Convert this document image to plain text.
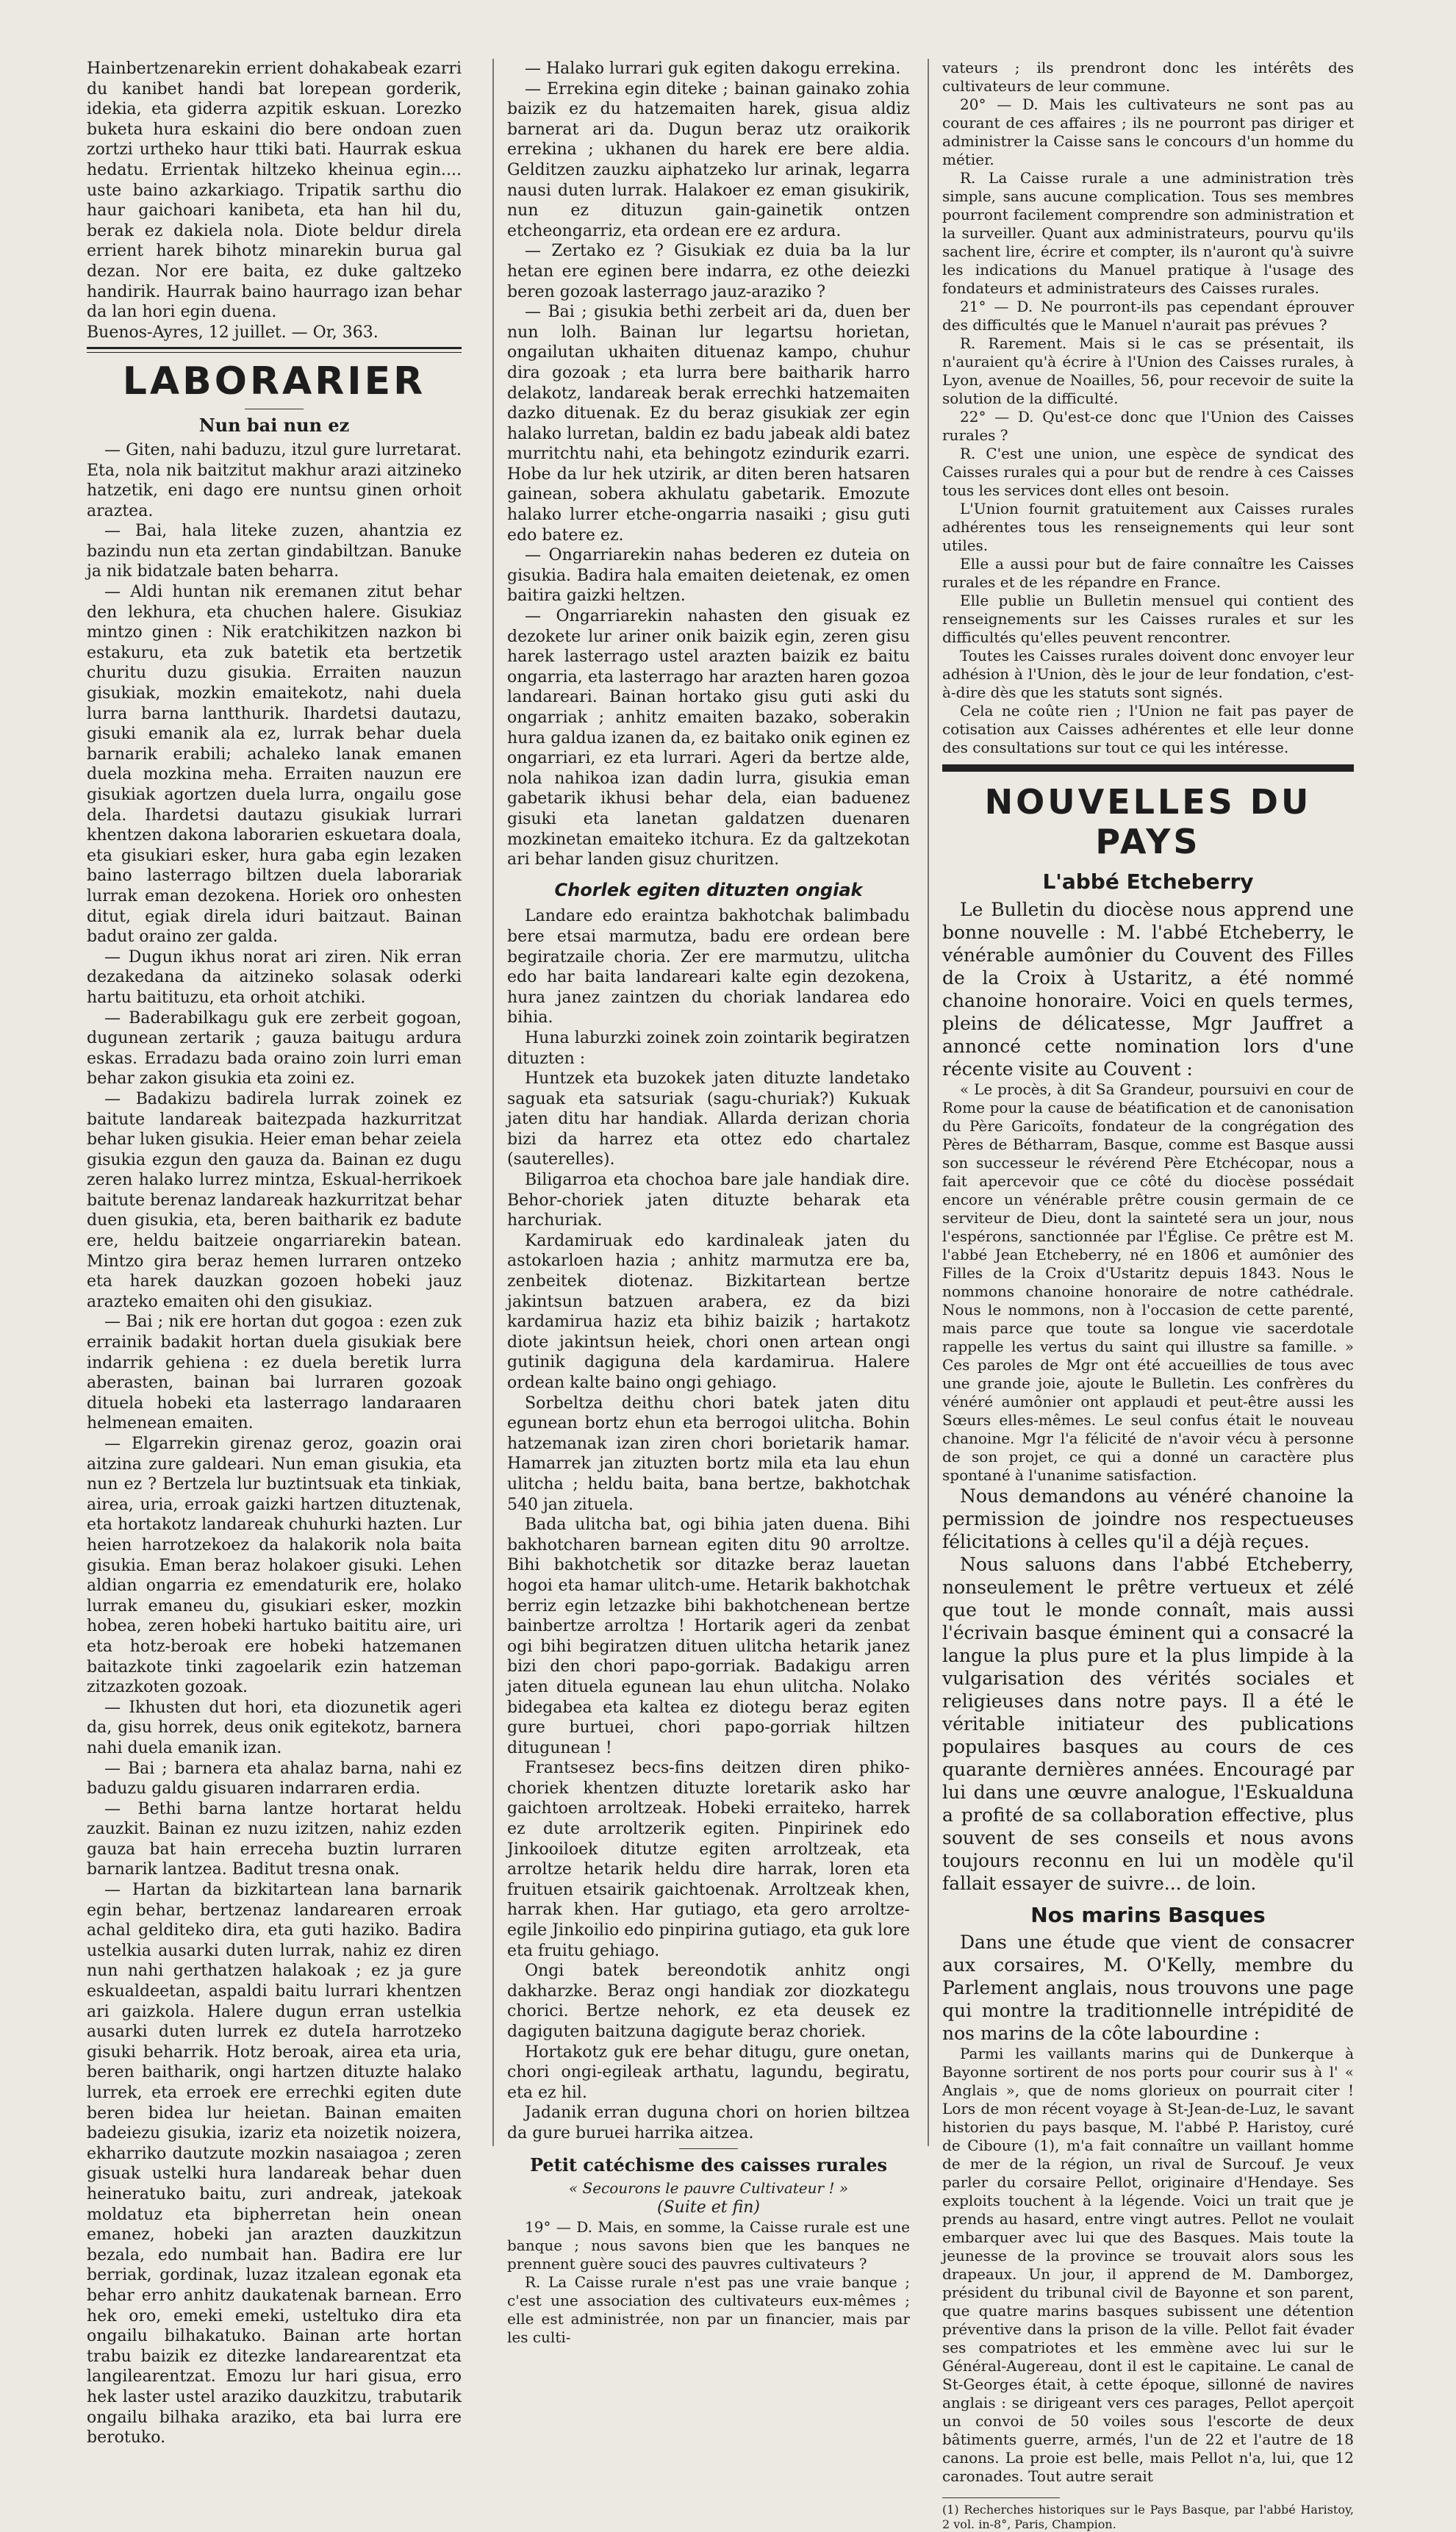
Hainbertzenarekin errient dohakabeak ezarri du kanibet handi bat lorepean gorderik, idekia, eta giderra azpitik eskuan. Lorezko buketa hura eskaini dio bere ondoan zuen zortzi urtheko haur ttiki bati. Haurrak eskua hedatu. Errientak hiltzeko kheinua egin.... uste baino azkarkiago. Tripatik sarthu dio haur gaichoari kanibeta, eta han hil du, berak ez dakiela nola. Diote beldur direla errient harek bihotz minarekin burua gal dezan. Nor ere baita, ez duke galtzeko handirik. Haurrak baino haurrago izan behar da lan hori egin duena.

Buenos-Ayres, 12 juillet. — Or, 363.

LABORARIER
Nun bai nun ez

— Giten, nahi baduzu, itzul gure lurretarat. Eta, nola nik baitzitut makhur arazi aitzineko hatzetik, eni dago ere nuntsu ginen orhoit araztea.

— Bai, hala liteke zuzen, ahantzia ez bazindu nun eta zertan gindabiltzan. Banuke ja nik bidatzale baten beharra.

— Aldi huntan nik eremanen zitut behar den lekhura, eta chuchen halere. Gisukiaz mintzo ginen : Nik eratchikitzen nazkon bi estakuru, eta zuk batetik eta bertzetik churitu duzu gisukia. Erraiten nauzun gisukiak, mozkin emaitekotz, nahi duela lurra barna lantthurik. Ihardetsi dautazu, gisuki emanik ala ez, lurrak behar duela barnarik erabili; achaleko lanak emanen duela mozkina meha. Erraiten nauzun ere gisukiak agortzen duela lurra, ongailu gose dela. Ihardetsi dautazu gisukiak lurrari khentzen dakona laborarien eskuetara doala, eta gisukiari esker, hura gaba egin lezaken baino lasterrago biltzen duela laborariak lurrak eman dezokena. Horiek oro onhesten ditut, egiak direla iduri baitzaut. Bainan badut oraino zer galda.

— Dugun ikhus norat ari ziren. Nik erran dezakedana da aitzineko solasak oderki hartu baitituzu, eta orhoit atchiki.

— Baderabilkagu guk ere zerbeit gogoan, dugunean zertarik ; gauza baitugu ardura eskas. Erradazu bada oraino zoin lurri eman behar zakon gisukia eta zoini ez.

— Badakizu badirela lurrak zoinek ez baitute landareak baitezpada hazkurritzat behar luken gisukia. Heier eman behar zeiela gisukia ezgun den gauza da. Bainan ez dugu zeren halako lurrez mintza, Eskual-herrikoek baitute berenaz landareak hazkurritzat behar duen gisukia, eta, beren baitharik ez badute ere, heldu baitzeie ongarriarekin batean. Mintzo gira beraz hemen lurraren ontzeko eta harek dauzkan gozoen hobeki jauz arazteko emaiten ohi den gisukiaz.

— Bai ; nik ere hortan dut gogoa : ezen zuk errainik badakit hortan duela gisukiak bere indarrik gehiena : ez duela beretik lurra aberasten, bainan bai lurraren gozoak dituela hobeki eta lasterrago landaraaren helmenean emaiten.

— Elgarrekin girenaz geroz, goazin orai aitzina zure galdeari. Nun eman gisukia, eta nun ez ? Bertzela lur buztintsuak eta tinkiak, airea, uria, erroak gaizki hartzen dituztenak, eta hortakotz landareak chuhurki hazten. Lur heien harrotzekoez da halakorik nola baita gisukia. Eman beraz holakoer gisuki. Lehen aldian ongarria ez emendaturik ere, holako lurrak emaneu du, gisukiari esker, mozkin hobea, zeren hobeki hartuko baititu aire, uri eta hotz-beroak ere hobeki hatzemanen baitazkote tinki zagoelarik ezin hatzeman zitzazkoten gozoak.

— Ikhusten dut hori, eta diozunetik ageri da, gisu horrek, deus onik egitekotz, barnera nahi duela emanik izan.

— Bai ; barnera eta ahalaz barna, nahi ez baduzu galdu gisuaren indarraren erdia.

— Bethi barna lantze hortarat heldu zauzkit. Bainan ez nuzu izitzen, nahiz ezden gauza bat hain erreceha buztin lurraren barnarik lantzea. Baditut tresna onak.

— Hartan da bizkitartean lana barnarik egin behar, bertzenaz landarearen erroak achal gelditeko dira, eta guti haziko. Badira ustelkia ausarki duten lurrak, nahiz ez diren nun nahi gerthatzen halakoak ; ez ja gure eskualdeetan, aspaldi baitu lurrari khentzen ari gaizkola. Halere dugun erran ustelkia ausarki duten lurrek ez duteIa harrotzeko gisuki beharrik. Hotz beroak, airea eta uria, beren baitharik, ongi hartzen dituzte halako lurrek, eta erroek ere errechki egiten dute beren bidea lur heietan. Bainan emaiten badeiezu gisukia, izariz eta noizetik noizera, ekharriko dautzute mozkin nasaiagoa ; zeren gisuak ustelki hura landareak behar duen heineratuko baitu, zuri andreak, jatekoak moldatuz eta bipherretan hein onean emanez, hobeki jan arazten dauzkitzun bezala, edo numbait han. Badira ere lur berriak, gordinak, luzaz itzalean egonak eta behar erro anhitz daukatenak barnean. Erro hek oro, emeki emeki, usteltuko dira eta ongailu bilhakatuko. Bainan arte hortan trabu baizik ez ditezke landarearentzat eta langilearentzat. Emozu lur hari gisua, erro hek laster ustel araziko dauzkitzu, trabutarik ongailu bilhaka araziko, eta bai lurra ere berotuko.

— Halako lurrari guk egiten dakogu errekina.

— Errekina egin diteke ; bainan gainako zohia baizik ez du hatzemaiten harek, gisua aldiz barnerat ari da. Dugun beraz utz oraikorik errekina ; ukhanen du harek ere bere aldia. Gelditzen zauzku aiphatzeko lur arinak, legarra nausi duten lurrak. Halakoer ez eman gisukirik, nun ez dituzun gain-gainetik ontzen etcheongarriz, eta ordean ere ez ardura.

— Zertako ez ? Gisukiak ez duia ba la lur hetan ere eginen bere indarra, ez othe deiezki beren gozoak lasterrago jauz-araziko ?

— Bai ; gisukia bethi zerbeit ari da, duen ber nun lolh. Bainan lur legartsu horietan, ongailutan ukhaiten dituenaz kampo, chuhur dira gozoak ; eta lurra bere baitharik harro delakotz, landareak berak errechki hatzemaiten dazko dituenak. Ez du beraz gisukiak zer egin halako lurretan, baldin ez badu jabeak aldi batez murritchtu nahi, eta behingotz ezindurik ezarri. Hobe da lur hek utzirik, ar diten beren hatsaren gainean, sobera akhulatu gabetarik. Emozute halako lurrer etche-ongarria nasaiki ; gisu guti edo batere ez.

— Ongarriarekin nahas bederen ez duteia on gisukia. Badira hala emaiten deietenak, ez omen baitira gaizki heltzen.

— Ongarriarekin nahasten den gisuak ez dezokete lur ariner onik baizik egin, zeren gisu harek lasterrago ustel arazten baizik ez baitu ongarria, eta lasterrago har arazten haren gozoa landareari. Bainan hortako gisu guti aski du ongarriak ; anhitz emaiten bazako, soberakin hura galdua izanen da, ez baitako onik eginen ez ongarriari, ez eta lurrari. Ageri da bertze alde, nola nahikoa izan dadin lurra, gisukia eman gabetarik ikhusi behar dela, eian baduenez gisuki eta lanetan galdatzen duenaren mozkinetan emaiteko itchura. Ez da galtzekotan ari behar landen gisuz churitzen.

Chorlek egiten dituzten ongiak

Landare edo eraintza bakhotchak balimbadu bere etsai marmutza, badu ere ordean bere begiratzaile choria. Zer ere marmutzu, ulitcha edo har baita landareari kalte egin dezokena, hura janez zaintzen du choriak landarea edo bihia.

Huna laburzki zoinek zoin zointarik begiratzen dituzten :

Huntzek eta buzokek jaten dituzte landetako saguak eta satsuriak (sagu-churiak?) Kukuak jaten ditu har handiak. Allarda derizan choria bizi da harrez eta ottez edo chartalez (sauterelles).

Biligarroa eta chochoa bare jale handiak dire. Behor-choriek jaten dituzte beharak eta harchuriak.

Kardamiruak edo kardinaleak jaten du astokarloen hazia ; anhitz marmutza ere ba, zenbeitek diotenaz. Bizkitartean bertze jakintsun batzuen arabera, ez da bizi kardamirua haziz eta bihiz baizik ; hartakotz diote jakintsun heiek, chori onen artean ongi gutinik dagiguna dela kardamirua. Halere ordean kalte baino ongi gehiago.

Sorbeltza deithu chori batek jaten ditu egunean bortz ehun eta berrogoi ulitcha. Bohin hatzemanak izan ziren chori borietarik hamar. Hamarrek jan zituzten bortz mila eta lau ehun ulitcha ; heldu baita, bana bertze, bakhotchak 540 jan zituela.

Bada ulitcha bat, ogi bihia jaten duena. Bihi bakhotcharen barnean egiten ditu 90 arroltze. Bihi bakhotchetik sor ditazke beraz lauetan hogoi eta hamar ulitch-ume. Hetarik bakhotchak berriz egin letzazke bihi bakhotchenean bertze bainbertze arroltza ! Hortarik ageri da zenbat ogi bihi begiratzen dituen ulitcha hetarik janez bizi den chori papo-gorriak. Badakigu arren jaten dituela egunean lau ehun ulitcha. Nolako bidegabea eta kaltea ez diotegu beraz egiten gure burtuei, chori papo-gorriak hiltzen ditugunean !

Frantsesez becs-fins deitzen diren phiko-choriek khentzen dituzte loretarik asko har gaichtoen arroltzeak. Hobeki erraiteko, harrek ez dute arroltzerik egiten. Pinpirinek edo Jinkooiloek ditutze egiten arroltzeak, eta arroltze hetarik heldu dire harrak, loren eta fruituen etsairik gaichtoenak. Arroltzeak khen, harrak khen. Har gutiago, eta gero arroltze-egile Jinkoilio edo pinpirina gutiago, eta guk lore eta fruitu gehiago.

Ongi batek bereondotik anhitz ongi dakharzke. Beraz ongi handiak zor diozkategu chorici. Bertze nehork, ez eta deusek ez dagiguten baitzuna dagigute beraz choriek.

Hortakotz guk ere behar ditugu, gure onetan, chori ongi-egileak arthatu, lagundu, begiratu, eta ez hil.

Jadanik erran duguna chori on horien biltzea da gure buruei harrika aitzea.

Petit catéchisme des caisses rurales

« Secourons le pauvre Cultivateur ! »

(Suite et fin)

19° — D. Mais, en somme, la Caisse rurale est une banque ; nous savons bien que les banques ne prennent guère souci des pauvres cultivateurs ?

R. La Caisse rurale n'est pas une vraie banque ; c'est une association des cultivateurs eux-mêmes ; elle est administrée, non par un financier, mais par les culti-

vateurs ; ils prendront donc les intérêts des cultivateurs de leur commune.

20° — D. Mais les cultivateurs ne sont pas au courant de ces affaires ; ils ne pourront pas diriger et administrer la Caisse sans le concours d'un homme du métier.

R. La Caisse rurale a une administration très simple, sans aucune complication. Tous ses membres pourront facilement comprendre son administration et la surveiller. Quant aux administrateurs, pourvu qu'ils sachent lire, écrire et compter, ils n'auront qu'à suivre les indications du Manuel pratique à l'usage des fondateurs et administrateurs des Caisses rurales.

21° — D. Ne pourront-ils pas cependant éprouver des difficultés que le Manuel n'aurait pas prévues ?

R. Rarement. Mais si le cas se présentait, ils n'auraient qu'à écrire à l'Union des Caisses rurales, à Lyon, avenue de Noailles, 56, pour recevoir de suite la solution de la difficulté.

22° — D. Qu'est-ce donc que l'Union des Caisses rurales ?

R. C'est une union, une espèce de syndicat des Caisses rurales qui a pour but de rendre à ces Caisses tous les services dont elles ont besoin.

L'Union fournit gratuitement aux Caisses rurales adhérentes tous les renseignements qui leur sont utiles.

Elle a aussi pour but de faire connaître les Caisses rurales et de les répandre en France.

Elle publie un Bulletin mensuel qui contient des renseignements sur les Caisses rurales et sur les difficultés qu'elles peuvent rencontrer.

Toutes les Caisses rurales doivent donc envoyer leur adhésion à l'Union, dès le jour de leur fondation, c'est-à-dire dès que les statuts sont signés.

Cela ne coûte rien ; l'Union ne fait pas payer de cotisation aux Caisses adhérentes et elle leur donne des consultations sur tout ce qui les intéresse.

NOUVELLES DU PAYS
L'abbé Etcheberry

Le Bulletin du diocèse nous apprend une bonne nouvelle : M. l'abbé Etcheberry, le vénérable aumônier du Couvent des Filles de la Croix à Ustaritz, a été nommé chanoine honoraire. Voici en quels termes, pleins de délicatesse, Mgr Jauffret a annoncé cette nomination lors d'une récente visite au Couvent :

« Le procès, à dit Sa Grandeur, poursuivi en cour de Rome pour la cause de béatification et de canonisation du Père Garicoïts, fondateur de la congrégation des Pères de Bétharram, Basque, comme est Basque aussi son successeur le révérend Père Etchécopar, nous a fait apercevoir que ce côté du diocèse possédait encore un vénérable prêtre cousin germain de ce serviteur de Dieu, dont la sainteté sera un jour, nous l'espérons, sanctionnée par l'Église. Ce prêtre est M. l'abbé Jean Etcheberry, né en 1806 et aumônier des Filles de la Croix d'Ustaritz depuis 1843. Nous le nommons chanoine honoraire de notre cathédrale. Nous le nommons, non à l'occasion de cette parenté, mais parce que toute sa longue vie sacerdotale rappelle les vertus du saint qui illustre sa famille. » Ces paroles de Mgr ont été accueillies de tous avec une grande joie, ajoute le Bulletin. Les confrères du vénéré aumônier ont applaudi et peut-être aussi les Sœurs elles-mêmes. Le seul confus était le nouveau chanoine. Mgr l'a félicité de n'avoir vécu à personne de son projet, ce qui a donné un caractère plus spontané à l'unanime satisfaction.

Nous demandons au vénéré chanoine la permission de joindre nos respectueuses félicitations à celles qu'il a déjà reçues.

Nous saluons dans l'abbé Etcheberry, nonseulement le prêtre vertueux et zélé que tout le monde connaît, mais aussi l'écrivain basque éminent qui a consacré la langue la plus pure et la plus limpide à la vulgarisation des vérités sociales et religieuses dans notre pays. Il a été le véritable initiateur des publications populaires basques au cours de ces quarante dernières années. Encouragé par lui dans une œuvre analogue, l'Eskualduna a profité de sa collaboration effective, plus souvent de ses conseils et nous avons toujours reconnu en lui un modèle qu'il fallait essayer de suivre... de loin.

Nos marins Basques

Dans une étude que vient de consacrer aux corsaires, M. O'Kelly, membre du Parlement anglais, nous trouvons une page qui montre la traditionnelle intrépidité de nos marins de la côte labourdine :

Parmi les vaillants marins qui de Dunkerque à Bayonne sortirent de nos ports pour courir sus à l' « Anglais », que de noms glorieux on pourrait citer ! Lors de mon récent voyage à St-Jean-de-Luz, le savant historien du pays basque, M. l'abbé P. Haristoy, curé de Ciboure (1), m'a fait connaître un vaillant homme de mer de la région, un rival de Surcouf. Je veux parler du corsaire Pellot, originaire d'Hendaye. Ses exploits touchent à la légende. Voici un trait que je prends au hasard, entre vingt autres. Pellot ne voulait embarquer avec lui que des Basques. Mais toute la jeunesse de la province se trouvait alors sous les drapeaux. Un jour, il apprend de M. Damborgez, président du tribunal civil de Bayonne et son parent, que quatre marins basques subissent une détention préventive dans la prison de la ville. Pellot fait évader ses compatriotes et les emmène avec lui sur le Général-Augereau, dont il est le capitaine. Le canal de St-Georges était, à cette époque, sillonné de navires anglais : se dirigeant vers ces parages, Pellot aperçoit un convoi de 50 voiles sous l'escorte de deux bâtiments guerre, armés, l'un de 22 et l'autre de 18 canons. La proie est belle, mais Pellot n'a, lui, que 12 caronades. Tout autre serait

(1) Recherches historiques sur le Pays Basque, par l'abbé Haristoy, 2 vol. in-8°, Paris, Champion.
